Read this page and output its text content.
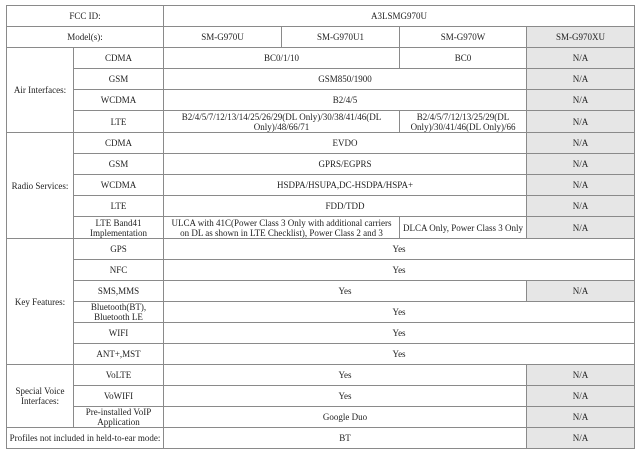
FCC ID:		A3LSMG970U			
Model(s):		SM-G970U	SM-G970U1	SM-G970W	SM-G970XU
Air Interfaces:	CDMA	BC0/1/10		BC0	N/A
	GSM	GSM850/1900			N/A
	WCDMA	B2/4/5			N/A
	LTE	B2/4/5/7/12/13/14/25/26/29(DL Only)/30/38/41/46(DL Only)/48/66/71		B2/4/5/7/12/13/25/29(DL Only)/30/41/46(DL Only)/66	N/A
Radio Services:	CDMA	EVDO			N/A
	GSM	GPRS/EGPRS			N/A
	WCDMA	HSDPA/HSUPA,DC-HSDPA/HSPA+			N/A
	LTE	FDD/TDD			N/A
	LTE Band41 Implementation	ULCA with 41C(Power Class 3 Only with additional carriers on DL as shown in LTE Checklist), Power Class 2 and 3		DLCA Only, Power Class 3 Only	N/A
Key Features:	GPS	Yes			
	NFC	Yes			
	SMS,MMS	Yes			N/A
	Bluetooth(BT), Bluetooth LE	Yes			
	WIFI	Yes			
	ANT+,MST	Yes			
Special Voice Interfaces:	VoLTE	Yes			N/A
	VoWIFI	Yes			N/A
	Pre-installed VoIP Application	Google Duo			N/A
Profiles not included in held-to-ear mode:		BT			N/A
